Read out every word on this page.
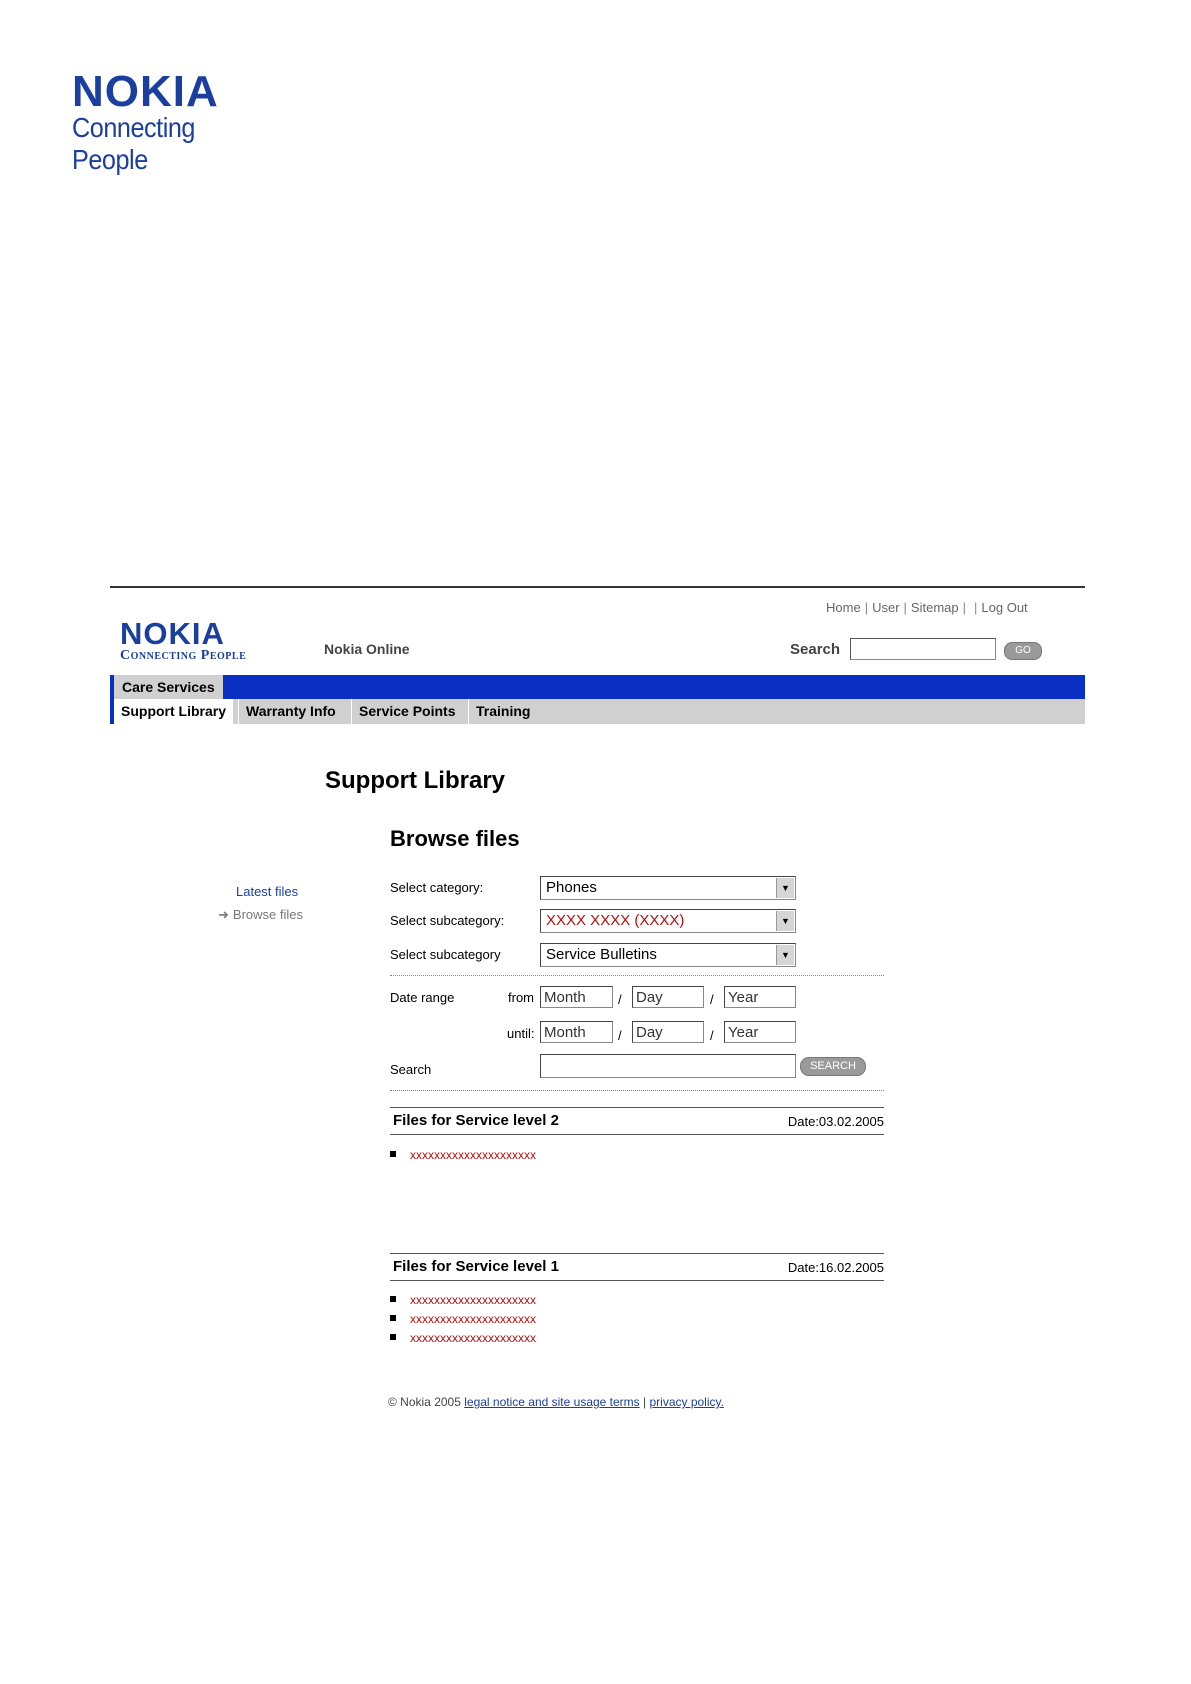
NOKIA
Connecting People
Home | User | Sitemap | | Log Out
NOKIA
Connecting People	Nokia Online	Search	GO
Care Services
Support Library	Warranty Info	Service Points	Training
Support Library
Browse files
Latest files
➜ Browse files
Select category:	Phones	▼
Select subcategory:	XXXX XXXX (XXXX)	▼
Select subcategory	Service Bulletins	▼
Date range	from Month	/ Day	/ Year
until: Month	/ Day	/ Year
Search	SEARCH
Files for Service level 2	Date:03.02.2005
xxxxxxxxxxxxxxxxxxxxx
Files for Service level 1	Date:16.02.2005
xxxxxxxxxxxxxxxxxxxxx
xxxxxxxxxxxxxxxxxxxxx
xxxxxxxxxxxxxxxxxxxxx
© Nokia 2005 legal notice and site usage terms | privacy policy.
